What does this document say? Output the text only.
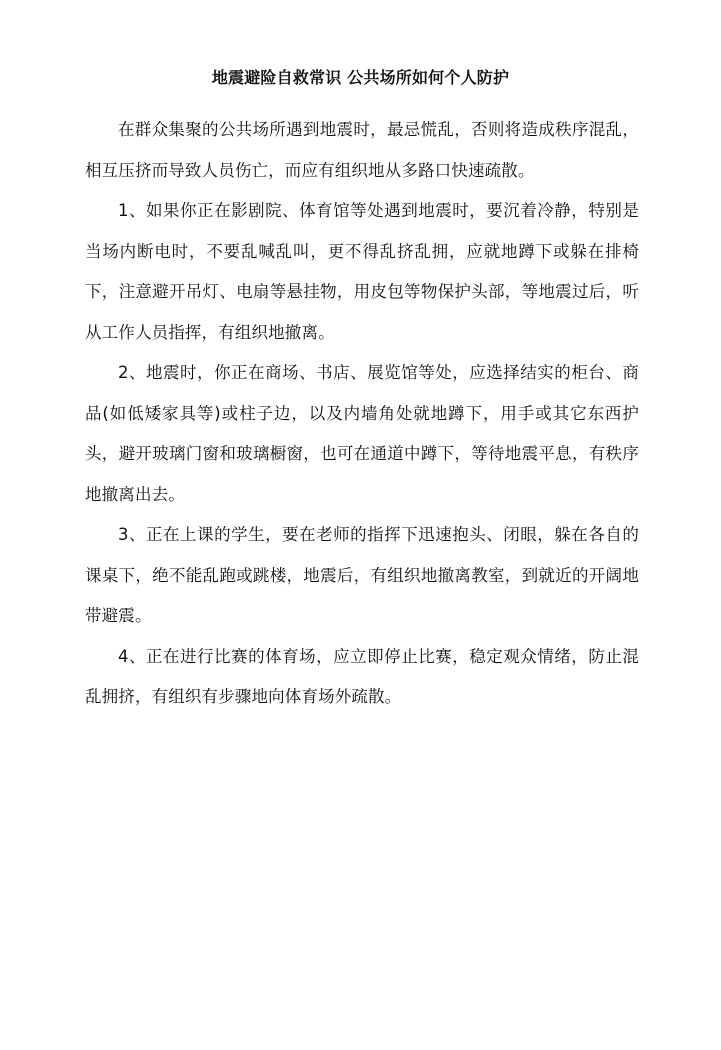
地震避险自救常识 公共场所如何个人防护

在群众集聚的公共场所遇到地震时，最忌慌乱，否则将造成秩序混乱，相互压挤而导致人员伤亡，而应有组织地从多路口快速疏散。

1、如果你正在影剧院、体育馆等处遇到地震时，要沉着冷静，特别是当场内断电时，不要乱喊乱叫，更不得乱挤乱拥，应就地蹲下或躲在排椅下，注意避开吊灯、电扇等悬挂物，用皮包等物保护头部，等地震过后，听从工作人员指挥，有组织地撤离。

2、地震时，你正在商场、书店、展览馆等处，应选择结实的柜台、商品(如低矮家具等)或柱子边，以及内墙角处就地蹲下，用手或其它东西护头，避开玻璃门窗和玻璃橱窗，也可在通道中蹲下，等待地震平息，有秩序地撤离出去。

3、正在上课的学生，要在老师的指挥下迅速抱头、闭眼，躲在各自的课桌下，绝不能乱跑或跳楼，地震后，有组织地撤离教室，到就近的开阔地带避震。

4、正在进行比赛的体育场，应立即停止比赛，稳定观众情绪，防止混乱拥挤，有组织有步骤地向体育场外疏散。
